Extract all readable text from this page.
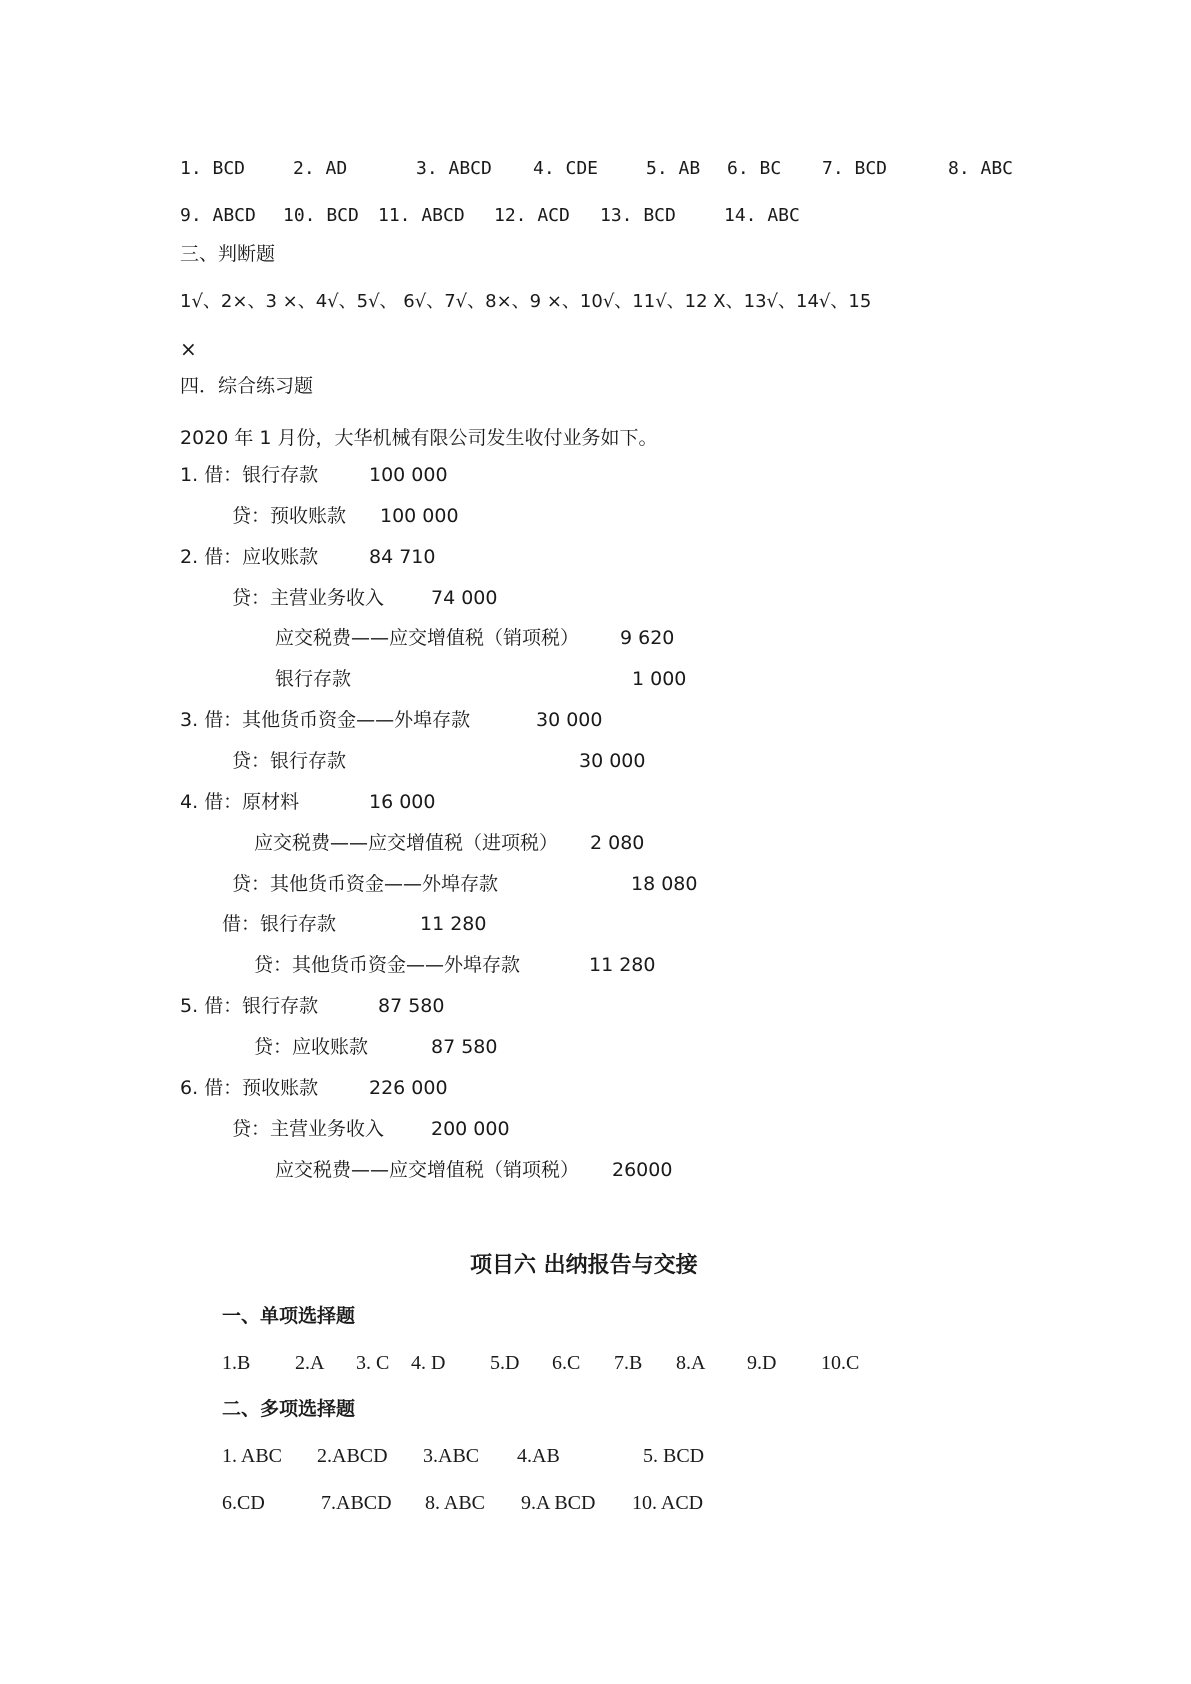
1. BCD	2. AD	3. ABCD 4. CDE	5. AB 6. BC 7. BCD	8. ABC
9. ABCD 10. BCD 11. ABCD 12. ACD 13. BCD	14. ABC
三、判断题
1√、2×、3 ×、4√、5√、 6√、7√、8×、9 ×、10√、11√、12 X、13√、14√、15
×
四．综合练习题
2020 年 1 月份，大华机械有限公司发生收付业务如下。
1. 借：银行存款	100 000
贷：预收账款 100 000
2. 借：应收账款	84 710
贷：主营业务收入 74 000
应交税费——应交增值税（销项税） 9 620
银行存款	1 000
3. 借：其他货币资金——外埠存款	30 000
贷：银行存款	30 000
4. 借：原材料	16 000
应交税费——应交增值税（进项税） 2 080
贷：其他货币资金——外埠存款	18 080
借：银行存款	11 280
贷：其他货币资金——外埠存款	11 280
5. 借：银行存款	87 580
贷：应收账款	87 580
6. 借：预收账款	226 000
贷：主营业务收入 200 000
应交税费——应交增值税（销项税） 26000
项目六 出纳报告与交接
一、单项选择题
1.B 2.A 3. C 4. D 5.D 6.C 7.B 8.A 9.D 10.C
二、多项选择题
1. ABC 2.ABCD 3.ABC 4.AB	5. BCD
6.CD	7.ABCD 8. ABC 9.A BCD 10. ACD
